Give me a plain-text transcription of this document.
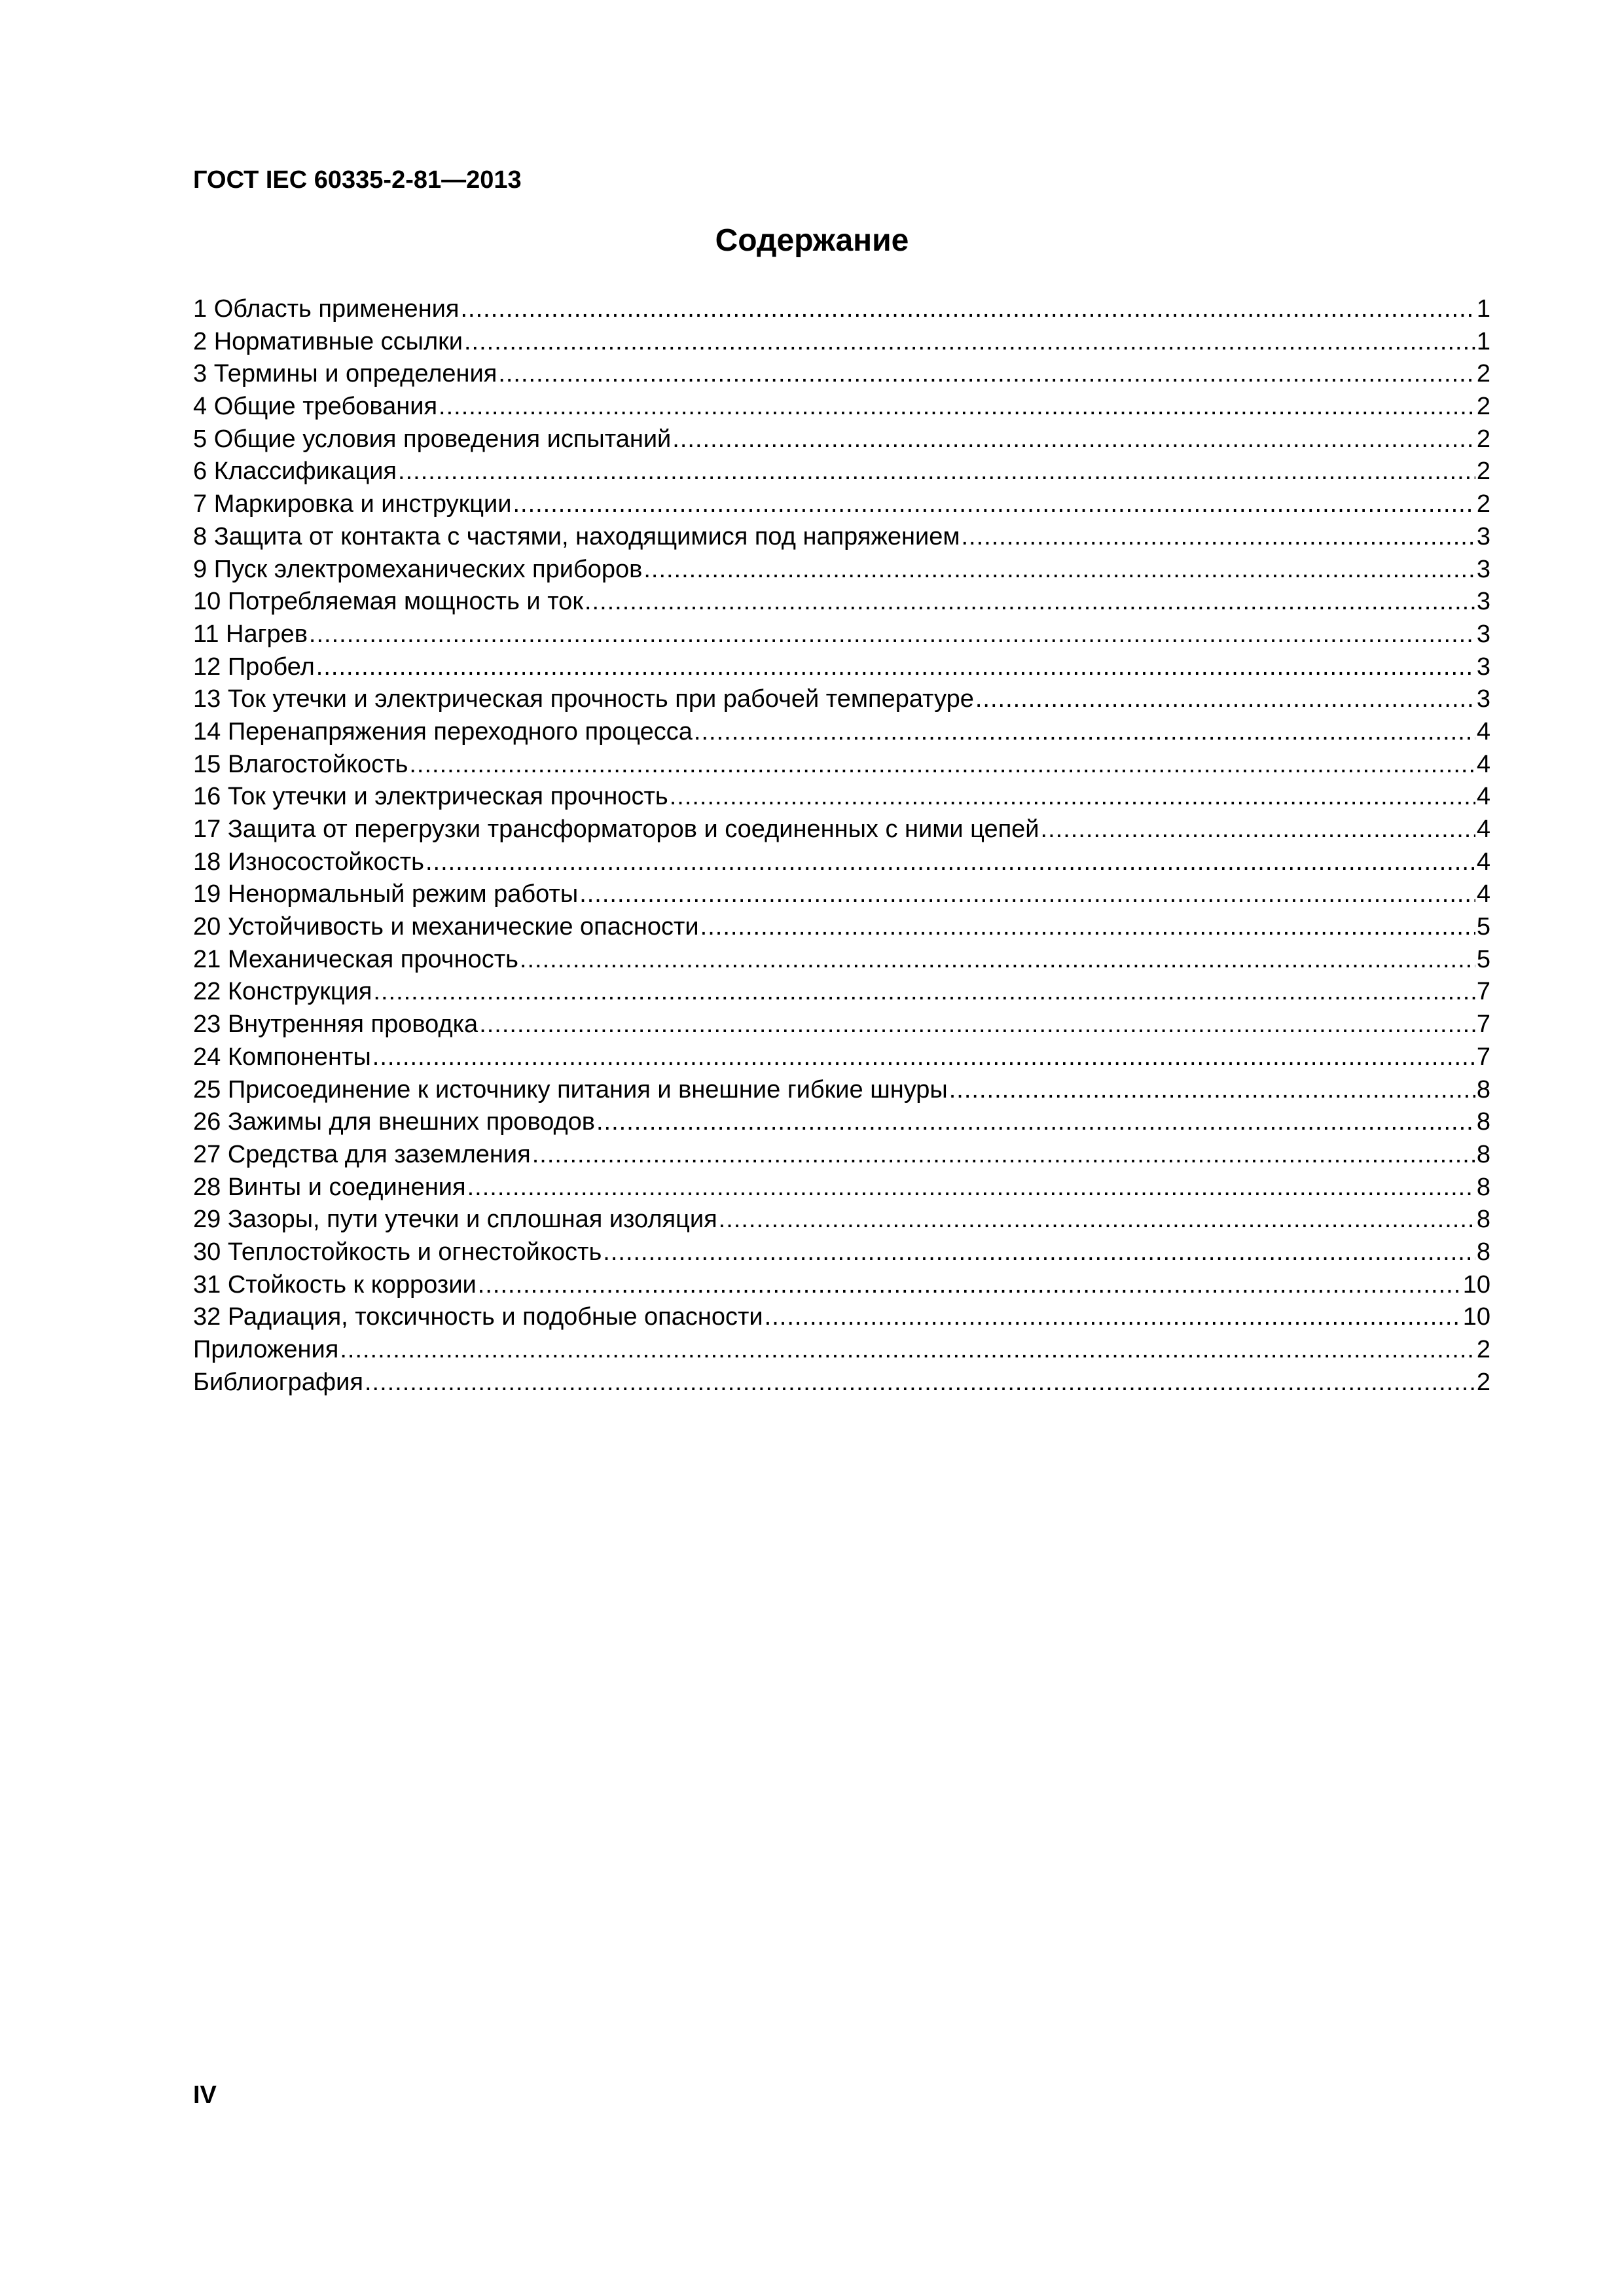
ГОСТ IEC 60335-2-81—2013
Содержание
1 Область применения .....	1
2 Нормативные ссылки .....	1
3 Термины и определения .....	2
4 Общие требования .....	2
5 Общие условия проведения испытаний .....	2
6 Классификация .....	2
7 Маркировка и инструкции .....	2
8 Защита от контакта с частями, находящимися под напряжением .....	3
9 Пуск электромеханических приборов .....	3
10 Потребляемая мощность и ток .....	3
11 Нагрев .....	3
12 Пробел .....	3
13 Ток утечки и электрическая прочность при рабочей температуре .....	3
14 Перенапряжения переходного процесса .....	4
15 Влагостойкость .....	4
16 Ток утечки и электрическая прочность .....	4
17 Защита от перегрузки трансформаторов и соединенных с ними цепей .....	4
18 Износостойкость .....	4
19 Ненормальный режим работы .....	4
20 Устойчивость и механические опасности .....	5
21 Механическая прочность .....	5
22 Конструкция .....	7
23 Внутренняя проводка .....	7
24 Компоненты .....	7
25 Присоединение к источнику питания и внешние гибкие шнуры .....	8
26 Зажимы для внешних проводов .....	8
27 Средства для заземления .....	8
28 Винты и соединения .....	8
29 Зазоры, пути утечки и сплошная изоляция .....	8
30 Теплостойкость и огнестойкость .....	8
31 Стойкость к коррозии .....	10
32 Радиация, токсичность и подобные опасности .....	10
Приложения .....	2
Библиография .....	2
IV
